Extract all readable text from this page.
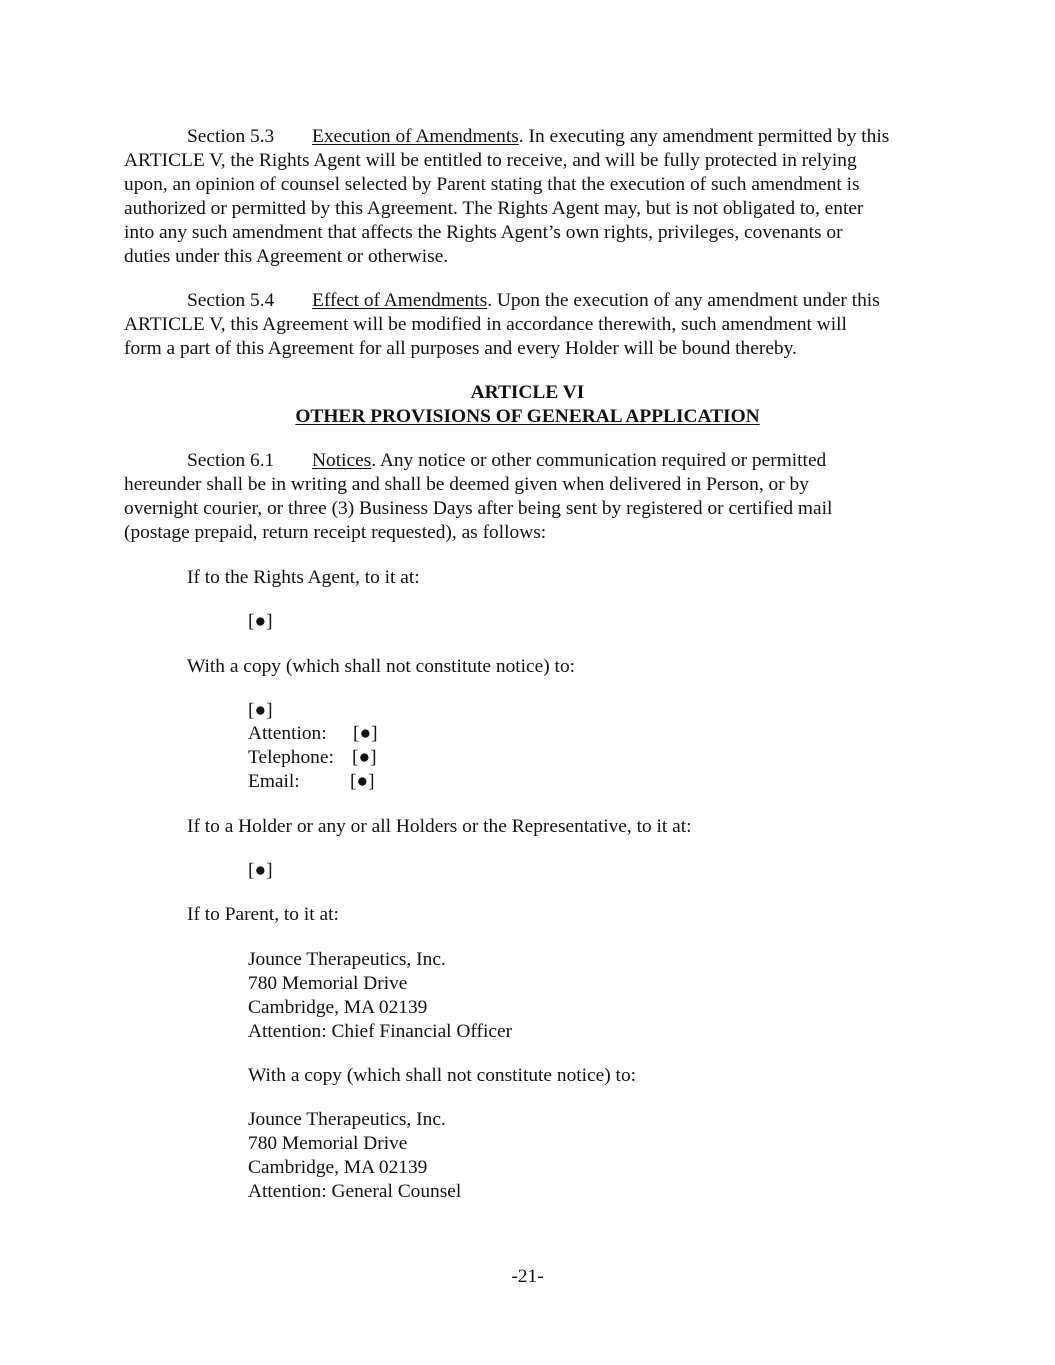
Section 5.3 Execution of Amendments. In executing any amendment permitted by this
ARTICLE V, the Rights Agent will be entitled to receive, and will be fully protected in relying
upon, an opinion of counsel selected by Parent stating that the execution of such amendment is
authorized or permitted by this Agreement. The Rights Agent may, but is not obligated to, enter
into any such amendment that affects the Rights Agent’s own rights, privileges, covenants or
duties under this Agreement or otherwise.
Section 5.4 Effect of Amendments. Upon the execution of any amendment under this
ARTICLE V, this Agreement will be modified in accordance therewith, such amendment will
form a part of this Agreement for all purposes and every Holder will be bound thereby.
ARTICLE VI
OTHER PROVISIONS OF GENERAL APPLICATION
Section 6.1 Notices. Any notice or other communication required or permitted
hereunder shall be in writing and shall be deemed given when delivered in Person, or by
overnight courier, or three (3) Business Days after being sent by registered or certified mail
(postage prepaid, return receipt requested), as follows:
If to the Rights Agent, to it at:
[●]
With a copy (which shall not constitute notice) to:
[●]
Attention: [●]
Telephone: [●]
Email:	[●]
If to a Holder or any or all Holders or the Representative, to it at:
[●]
If to Parent, to it at:
Jounce Therapeutics, Inc.
780 Memorial Drive
Cambridge, MA 02139
Attention: Chief Financial Officer
With a copy (which shall not constitute notice) to:
Jounce Therapeutics, Inc.
780 Memorial Drive
Cambridge, MA 02139
Attention: General Counsel
-21-
